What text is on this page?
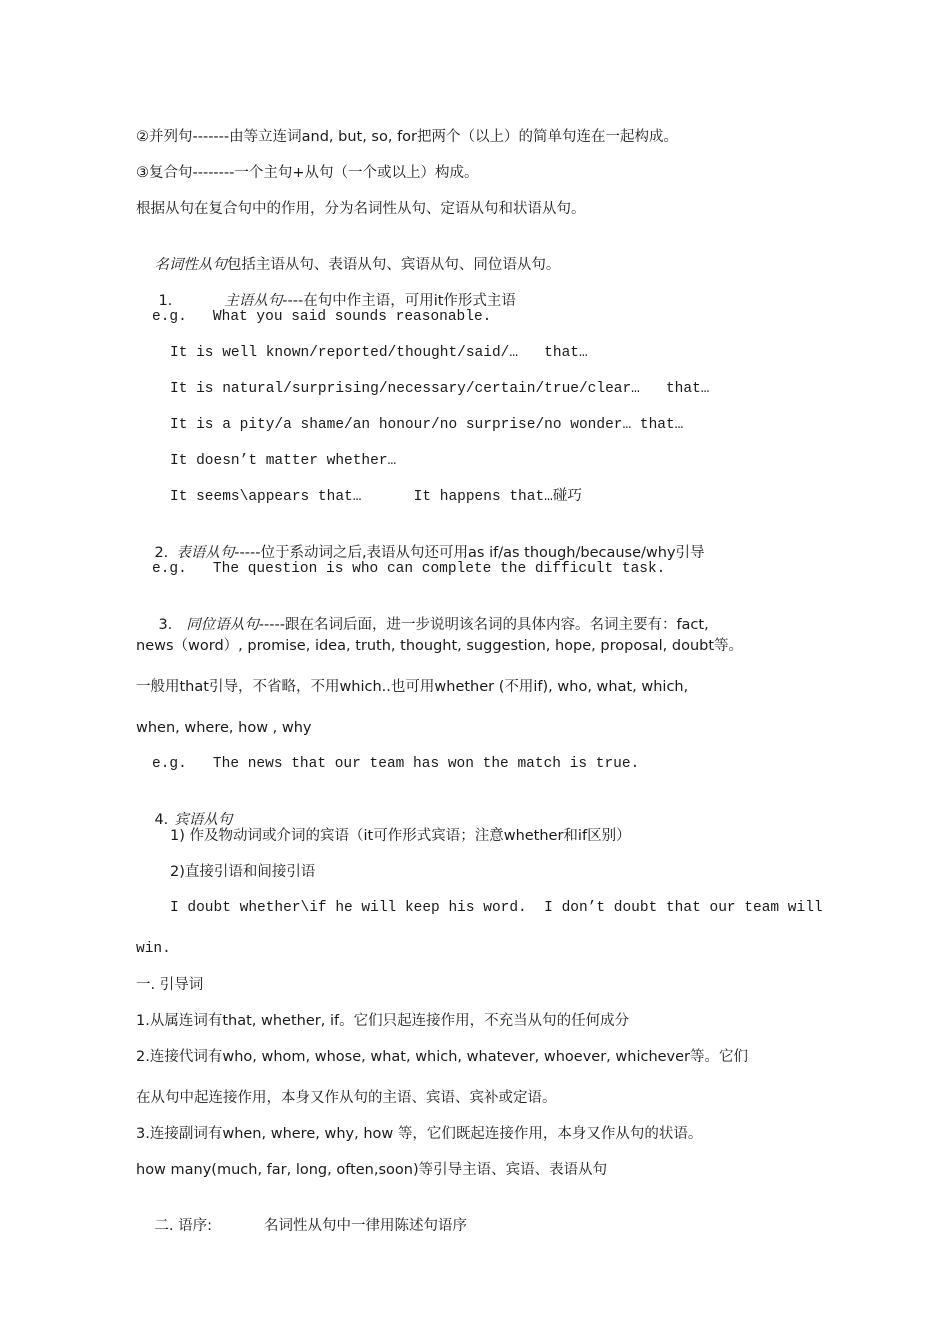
②并列句-------由等立连词and, but, so, for把两个（以上）的简单句连在一起构成。
③复合句--------一个主句+从句（一个或以上）构成。
根据从句在复合句中的作用，分为名词性从句、定语从句和状语从句。

名词性从句包括主语从句、表语从句、宾语从句、同位语从句。

1.	主语从句----在句中作主语，可用it作形式主语

e.g.   What you said sounds reasonable.
It is well known/reported/thought/said/…   that…
It is natural/surprising/necessary/certain/true/clear…   that…
It is a pity/a shame/an honour/no surprise/no wonder… that…
It doesn’t matter whether…
It seems\appears that…      It happens that…碰巧

2. 表语从句-----位于系动词之后,表语从句还可用as if/as though/because/why引导

e.g.   The question is who can complete the difficult task.

3. 同位语从句-----跟在名词后面，进一步说明该名词的具体内容。名词主要有：fact,

news（word）, promise, idea, truth, thought, suggestion, hope, proposal, doubt等。
一般用that引导，不省略，不用which..也可用whether (不用if), who, what, which,
when, where, how , why
e.g.   The news that our team has won the match is true.

4. 宾语从句

1) 作及物动词或介词的宾语（it可作形式宾语；注意whether和if区别）
2)直接引语和间接引语
I doubt whether\if he will keep his word.  I don’t doubt that our team will
win.
一. 引导词
1.从属连词有that, whether, if。它们只起连接作用，不充当从句的任何成分
2.连接代词有who, whom, whose, what, which, whatever, whoever, whichever等。它们
在从句中起连接作用，本身又作从句的主语、宾语、宾补或定语。
3.连接副词有when, where, why, how 等，它们既起连接作用，本身又作从句的状语。
how many(much, far, long, often,soon)等引导主语、宾语、表语从句

二. 语序:	名词性从句中一律用陈述句语序
